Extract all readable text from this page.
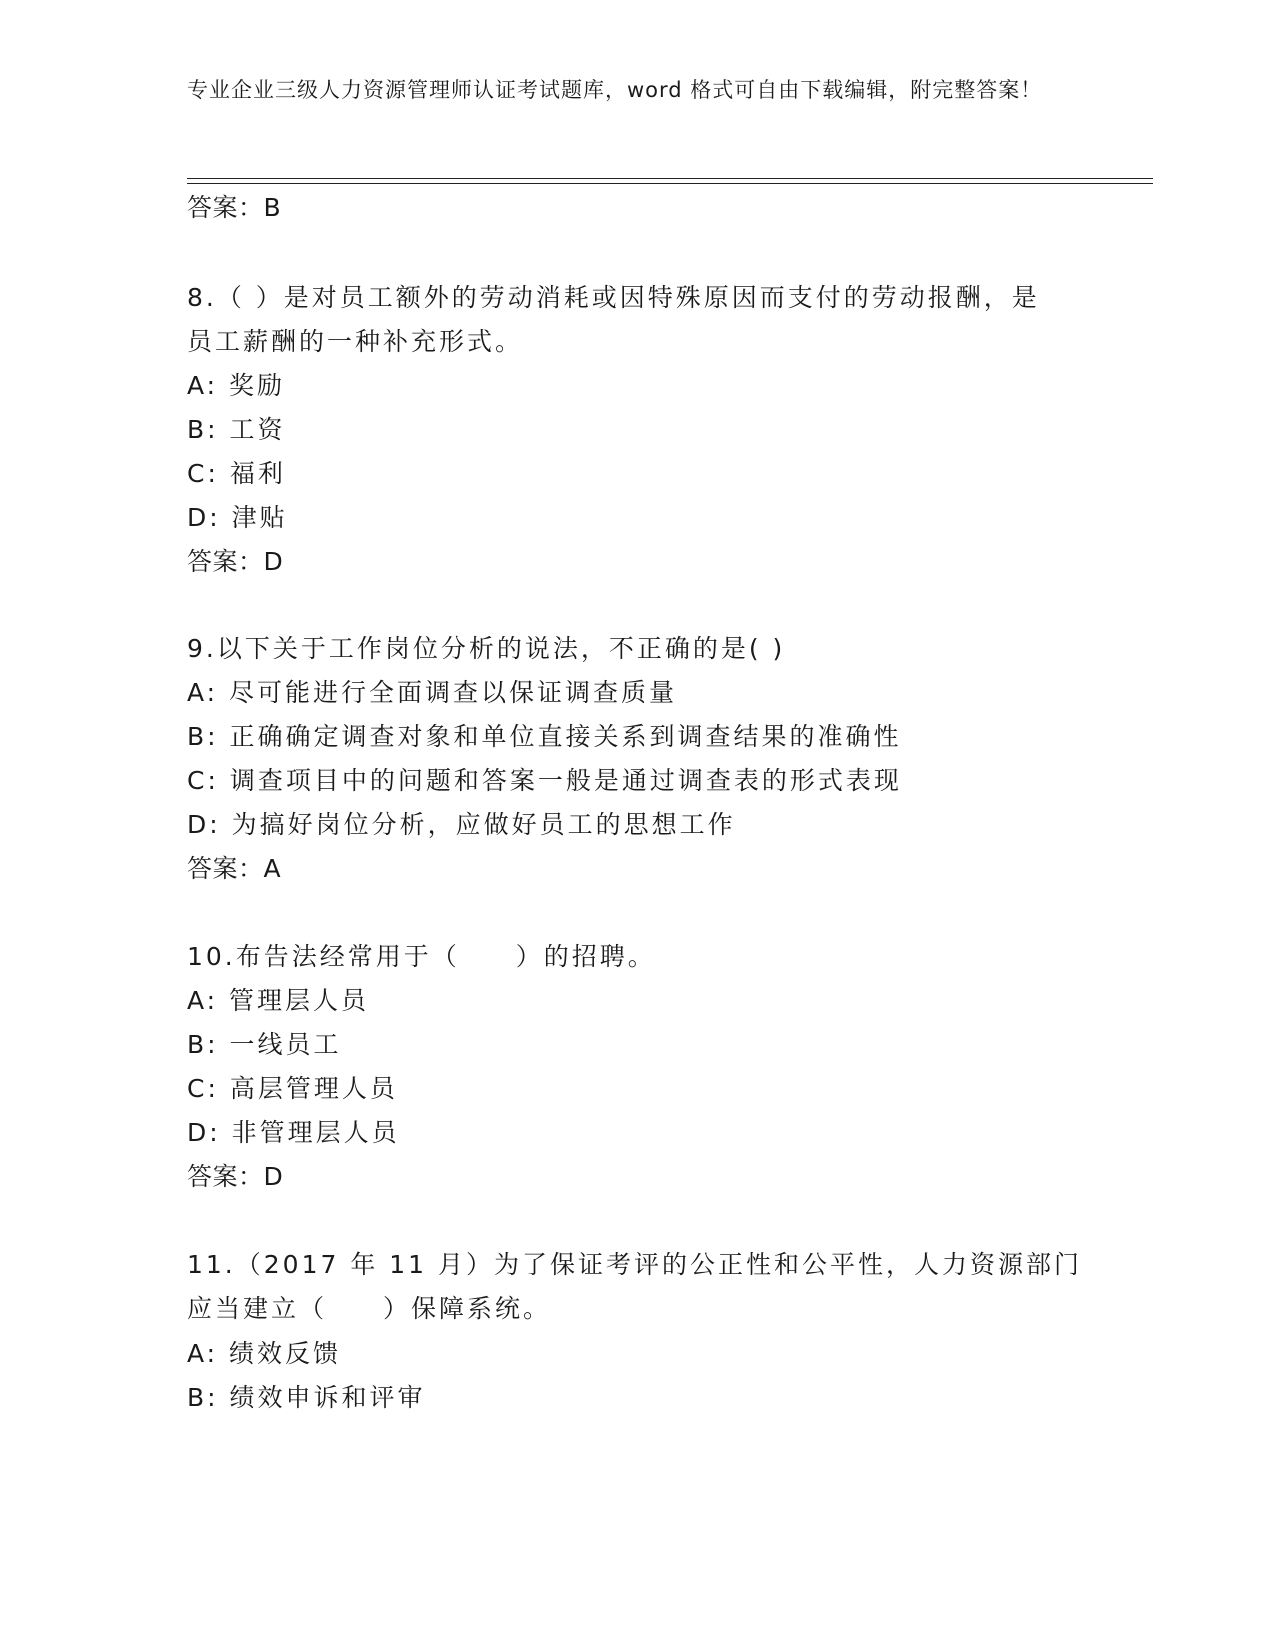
专业企业三级人力资源管理师认证考试题库，word 格式可自由下载编辑，附完整答案！
答案：B
8.（ ）是对员工额外的劳动消耗或因特殊原因而支付的劳动报酬，是
员工薪酬的一种补充形式。
A: 奖励
B: 工资
C: 福利
D: 津贴
答案：D
9.以下关于工作岗位分析的说法，不正确的是( )
A: 尽可能进行全面调查以保证调查质量
B: 正确确定调查对象和单位直接关系到调查结果的准确性
C: 调查项目中的问题和答案一般是通过调查表的形式表现
D: 为搞好岗位分析，应做好员工的思想工作
答案：A
10.布告法经常用于（　　）的招聘。
A: 管理层人员
B: 一线员工
C: 高层管理人员
D: 非管理层人员
答案：D
11.（2017 年 11 月）为了保证考评的公正性和公平性，人力资源部门
应当建立（　　）保障系统。
A: 绩效反馈
B: 绩效申诉和评审
